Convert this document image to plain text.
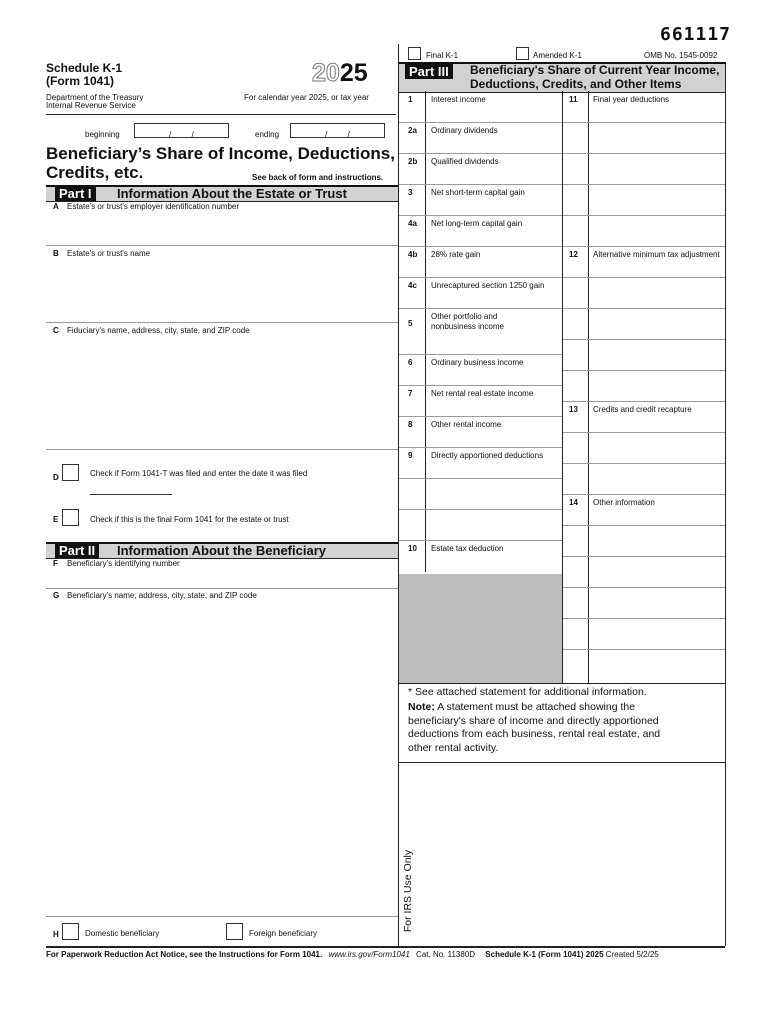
661117
Final K-1	Amended K-1	OMB No. 1545-0092
Schedule K-1
(Form 1041)	2025
Department of the Treasury
Internal Revenue Service
For calendar year 2025, or tax year
beginning	/ /	ending	/ /
Beneficiary’s Share of Income, Deductions,
Credits, etc.	See back of form and instructions.
Part I	Information About the Estate or Trust
A Estate's or trust's employer identification number
B Estate's or trust's name
C Fiduciary's name, address, city, state, and ZIP code
D	Check if Form 1041-T was filed and enter the date it was filed
E	Check if this is the final Form 1041 for the estate or trust
Part II	Information About the Beneficiary
F Beneficiary's identifying number
G Beneficiary's name, address, city, state, and ZIP code
H	Domestic beneficiary	Foreign beneficiary
Part III	Beneficiary's Share of Current Year Income,
Deductions, Credits, and Other Items
1 Interest income
2a Ordinary dividends
2b Qualified dividends
3 Net short-term capital gain
4a Net long-term capital gain
4b 28% rate gain
4c Unrecaptured section 1250 gain
5
Other portfolio and
nonbusiness income
6 Ordinary business income
7 Net rental real estate income
8 Other rental income
9 Directly apportioned deductions
10 Estate tax deduction
11 Final year deductions
12 Alternative minimum tax adjustment
13 Credits and credit recapture
14 Other information
* See attached statement for additional information.
Note: A statement must be attached showing the
beneficiary's share of income and directly apportioned
deductions from each business, rental real estate, and
other rental activity.
For IRS Use Only
For Paperwork Reduction Act Notice, see the Instructions for Form 1041. www.irs.gov/Form1041 Cat. No. 11380D Schedule K-1 (Form 1041) 2025 Created 5/2/25
